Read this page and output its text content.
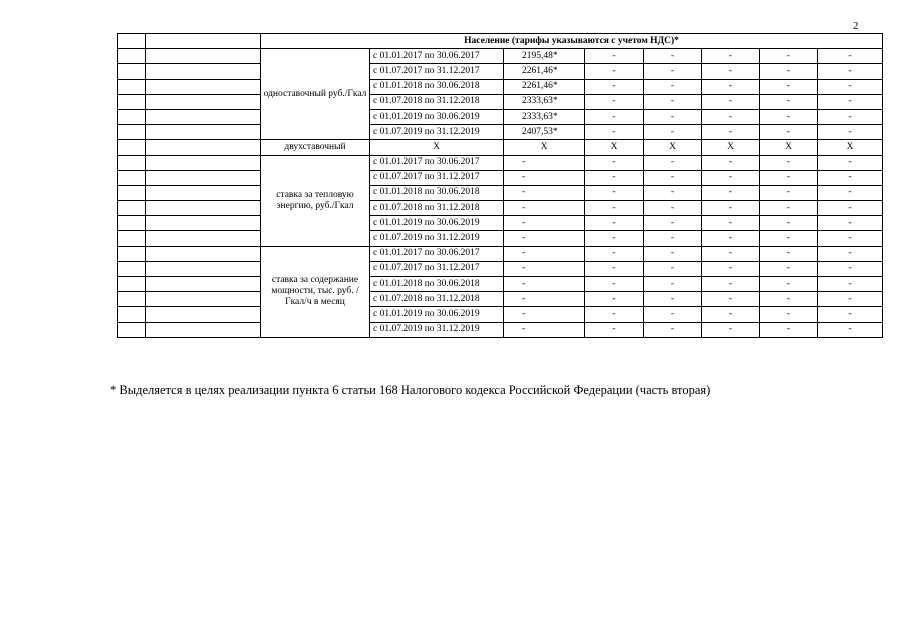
2
		Население (тарифы указываются с учетом НДС)*							
		одноставочный руб./Гкал	с 01.01.2017 по 30.06.2017	2195,48*	-	-	-	-	-
			с 01.07.2017 по 31.12.2017	2261,46*	-	-	-	-	-
			с 01.01.2018 по 30.06.2018	2261,46*	-	-	-	-	-
			с 01.07.2018 по 31.12.2018	2333,63*	-	-	-	-	-
			с 01.01.2019 по 30.06.2019	2333,63*	-	-	-	-	-
			с 01.07.2019 по 31.12.2019	2407,53*	-	-	-	-	-
		двухставочный	X	X	X	X	X	X	X
		ставка за тепловую энергию, руб./Гкал	с 01.01.2017 по 30.06.2017	-	-	-	-	-	-
			с 01.07.2017 по 31.12.2017	-	-	-	-	-	-
			с 01.01.2018 по 30.06.2018	-	-	-	-	-	-
			с 01.07.2018 по 31.12.2018	-	-	-	-	-	-
			с 01.01.2019 по 30.06.2019	-	-	-	-	-	-
			с 01.07.2019 по 31.12.2019	-	-	-	-	-	-
		ставка за содержание мощности, тыс. руб. /Гкал/ч в месяц	с 01.01.2017 по 30.06.2017	-	-	-	-	-	-
			с 01.07.2017 по 31.12.2017	-	-	-	-	-	-
			с 01.01.2018 по 30.06.2018	-	-	-	-	-	-
			с 01.07.2018 по 31.12.2018	-	-	-	-	-	-
			с 01.01.2019 по 30.06.2019	-	-	-	-	-	-
			с 01.07.2019 по 31.12.2019	-	-	-	-	-	-
* Выделяется в целях реализации пункта 6 статьи 168 Налогового кодекса Российской Федерации (часть вторая)
